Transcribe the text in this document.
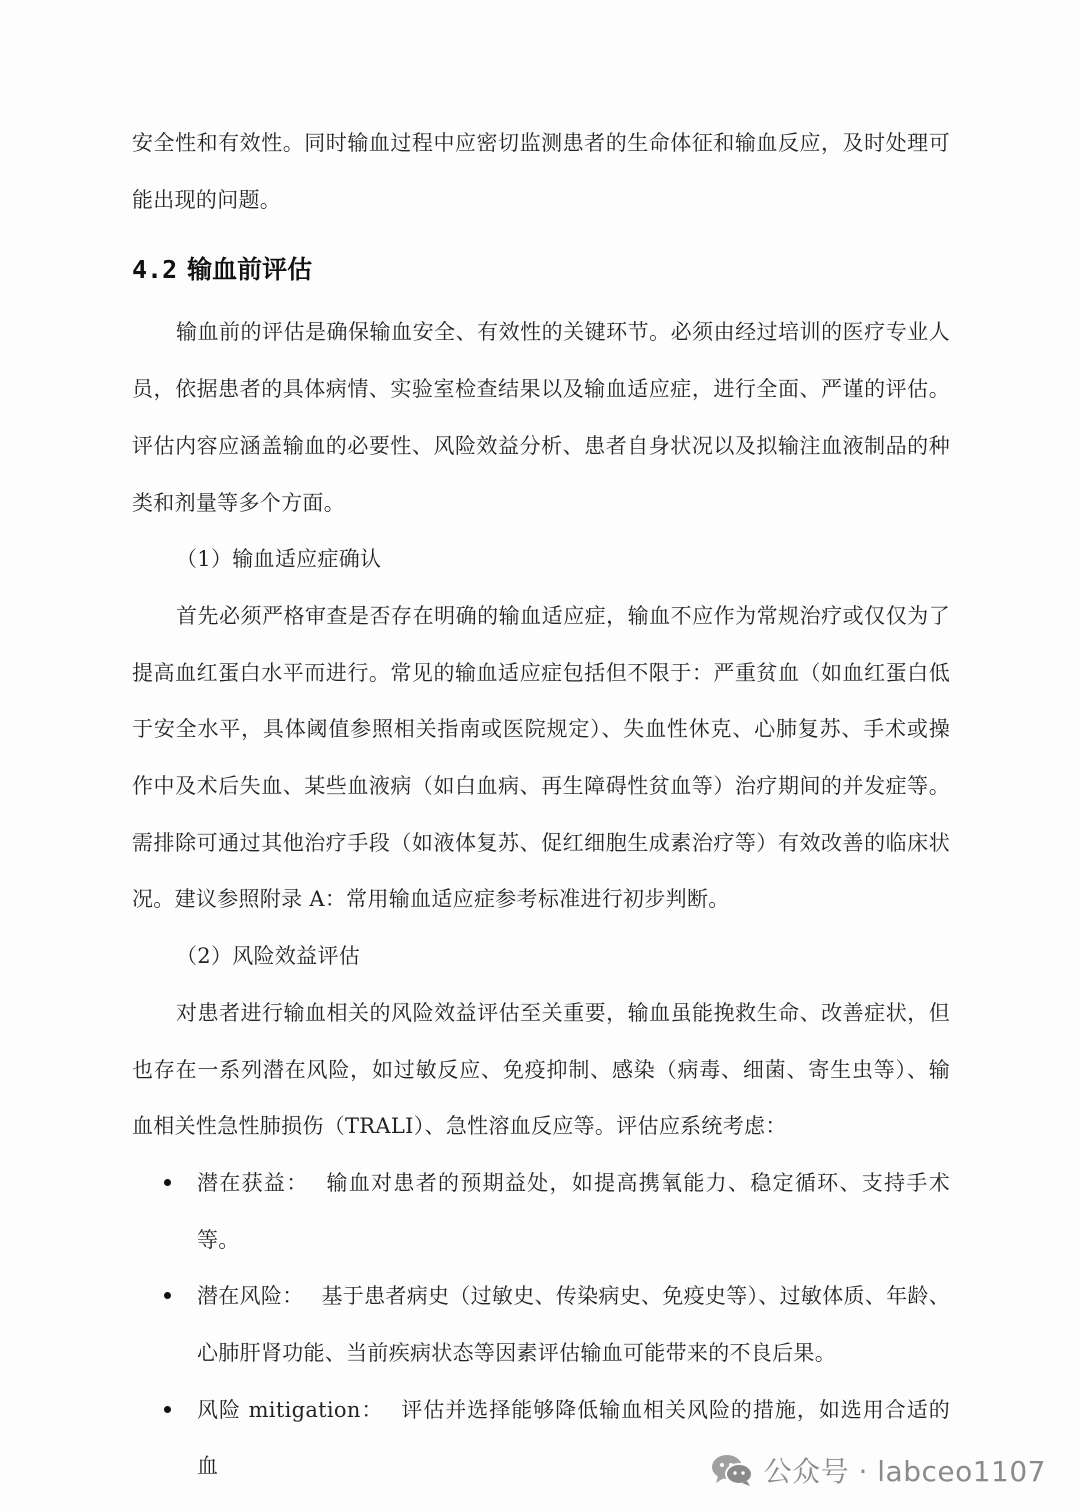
安全性和有效性。同时输血过程中应密切监测患者的生命体征和输血反应，及时处理可能出现的问题。

4.2 输血前评估

输血前的评估是确保输血安全、有效性的关键环节。必须由经过培训的医疗专业人员，依据患者的具体病情、实验室检查结果以及输血适应症，进行全面、严谨的评估。评估内容应涵盖输血的必要性、风险效益分析、患者自身状况以及拟输注血液制品的种类和剂量等多个方面。

（1）输血适应症确认

首先必须严格审查是否存在明确的输血适应症，输血不应作为常规治疗或仅仅为了提高血红蛋白水平而进行。常见的输血适应症包括但不限于：严重贫血（如血红蛋白低于安全水平，具体阈值参照相关指南或医院规定）、失血性休克、心肺复苏、手术或操作中及术后失血、某些血液病（如白血病、再生障碍性贫血等）治疗期间的并发症等。需排除可通过其他治疗手段（如液体复苏、促红细胞生成素治疗等）有效改善的临床状况。建议参照附录 A：常用输血适应症参考标准进行初步判断。

（2）风险效益评估

对患者进行输血相关的风险效益评估至关重要，输血虽能挽救生命、改善症状，但也存在一系列潜在风险，如过敏反应、免疫抑制、感染（病毒、细菌、寄生虫等）、输血相关性急性肺损伤（TRALI）、急性溶血反应等。评估应系统考虑：

潜在获益： 输血对患者的预期益处，如提高携氧能力、稳定循环、支持手术等。
潜在风险： 基于患者病史（过敏史、传染病史、免疫史等）、过敏体质、年龄、心肺肝肾功能、当前疾病状态等因素评估输血可能带来的不良后果。
风险 mitigation： 评估并选择能够降低输血相关风险的措施，如选用合适的血	公众号 · labceo1107
